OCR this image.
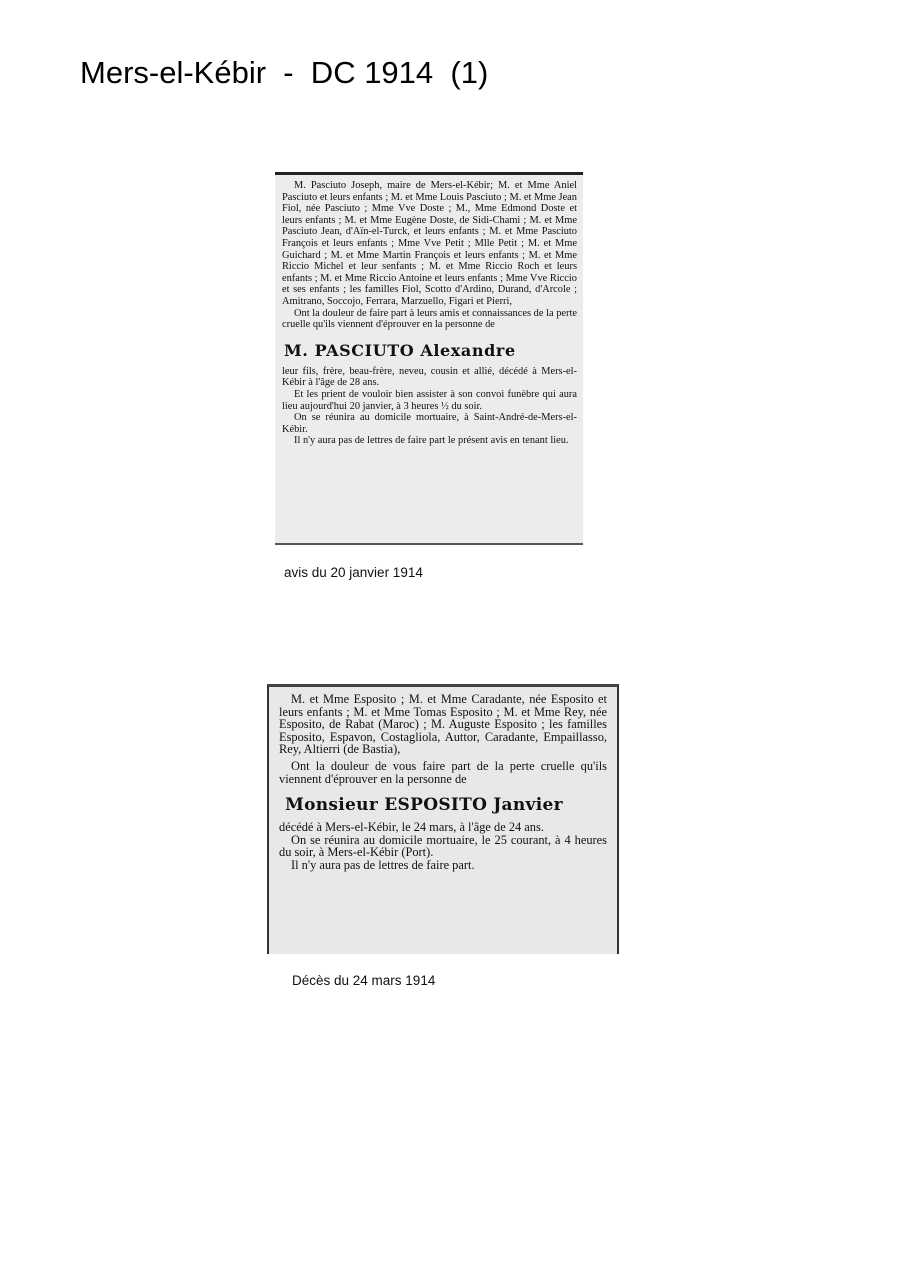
Mers-el-Kébir  -  DC 1914  (1)

M. Pasciuto Joseph, maire de Mers-el-Kébir; M. et Mme Aniel Pasciuto et leurs enfants ; M. et Mme Louis Pasciuto ; M. et Mme Jean Fiol, née Pasciuto ; Mme Vve Doste ; M., Mme Edmond Doste et leurs enfants ; M. et Mme Eugène Doste, de Sidi-Chami ; M. et Mme Pasciuto Jean, d'Aïn-el-Turck, et leurs enfants ; M. et Mme Pasciuto François et leurs enfants ; Mme Vve Petit ; Mlle Petit ; M. et Mme Guichard ; M. et Mme Martin François et leurs enfants ; M. et Mme Riccio Michel et leur senfants ; M. et Mme Riccio Roch et leurs enfants ; M. et Mme Riccio Antoine et leurs enfants ; Mme Vve Riccio et ses enfants ; les familles Fiol, Scotto d'Ardino, Durand, d'Arcole ; Amitrano, Soccojo, Ferrara, Marzuello, Figari et Pierri,

Ont la douleur de faire part à leurs amis et connaissances de la perte cruelle qu'ils viennent d'éprouver en la personne de

M. PASCIUTO Alexandre

leur fils, frère, beau-frère, neveu, cousin et allié, décédé à Mers-el-Kébir à l'âge de 28 ans.

Et les prient de vouloir bien assister à son convoi funèbre qui aura lieu aujourd'hui 20 janvier, à 3 heures ½ du soir.

On se réunira au domicile mortuaire, à Saint-André-de-Mers-el-Kébir.

Il n'y aura pas de lettres de faire part le présent avis en tenant lieu.

avis du 20 janvier 1914

M. et Mme Esposito ; M. et Mme Caradante, née Esposito et leurs enfants ; M. et Mme Tomas Esposito ; M. et Mme Rey, née Esposito, de Rabat (Maroc) ; M. Auguste Esposito ; les familles Esposito, Espavon, Costagliola, Auttor, Caradante, Empaillasso, Rey, Altierri (de Bastia),

Ont la douleur de vous faire part de la perte cruelle qu'ils viennent d'éprouver en la personne de

Monsieur ESPOSITO Janvier

décédé à Mers-el-Kébir, le 24 mars, à l'âge de 24 ans.

On se réunira au domicile mortuaire, le 25 courant, à 4 heures du soir, à Mers-el-Kébir (Port).

Il n'y aura pas de lettres de faire part.

Décès du 24 mars 1914
